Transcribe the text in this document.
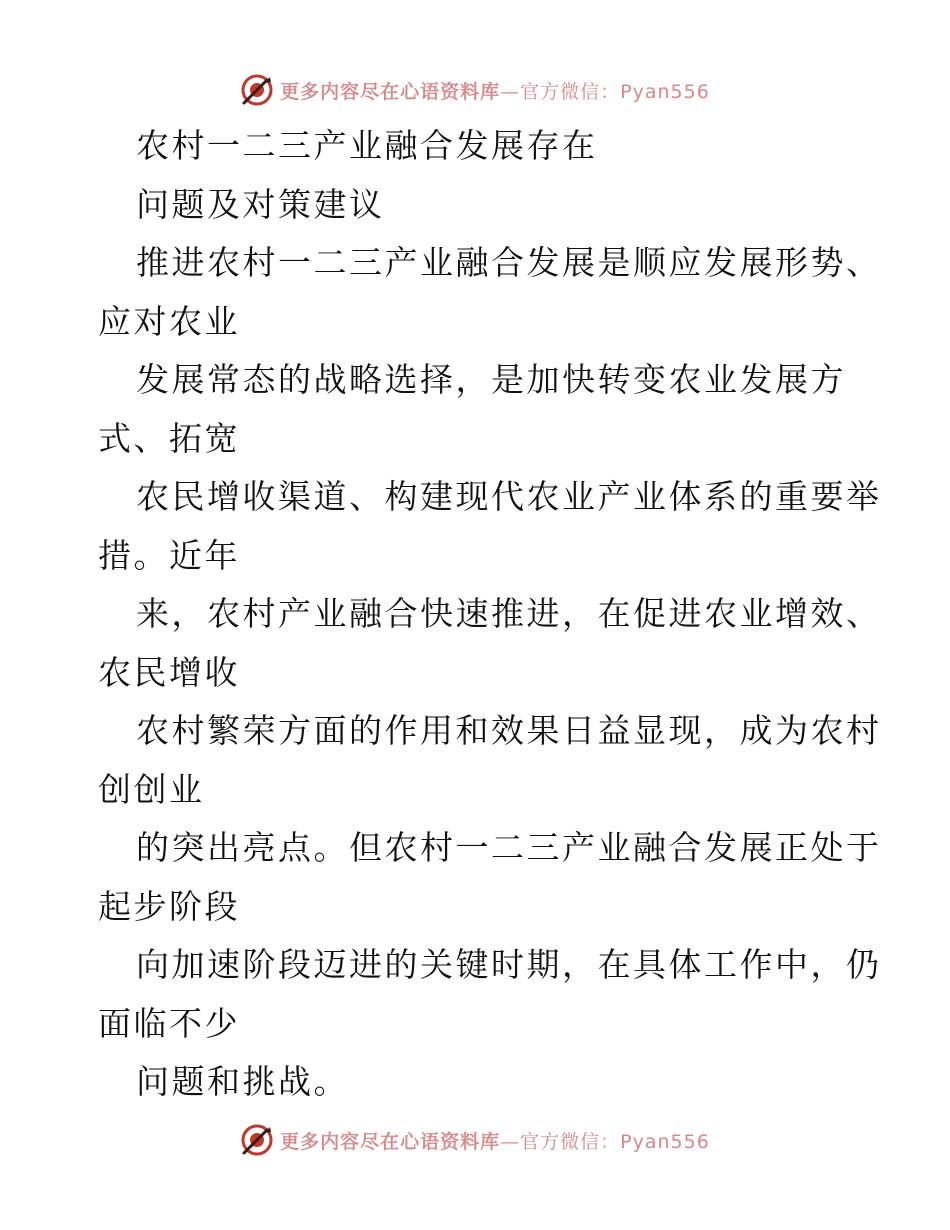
更多内容尽在心语资料库—官方微信：Pyan556
农村一二三产业融合发展存在
问题及对策建议
推进农村一二三产业融合发展是顺应发展形势、
应对农业
发展常态的战略选择，是加快转变农业发展方
式、拓宽
农民增收渠道、构建现代农业产业体系的重要举
措。近年
来，农村产业融合快速推进，在促进农业增效、
农民增收
农村繁荣方面的作用和效果日益显现，成为农村
创创业
的突出亮点。但农村一二三产业融合发展正处于
起步阶段
向加速阶段迈进的关键时期，在具体工作中，仍
面临不少
问题和挑战。
更多内容尽在心语资料库—官方微信：Pyan556
